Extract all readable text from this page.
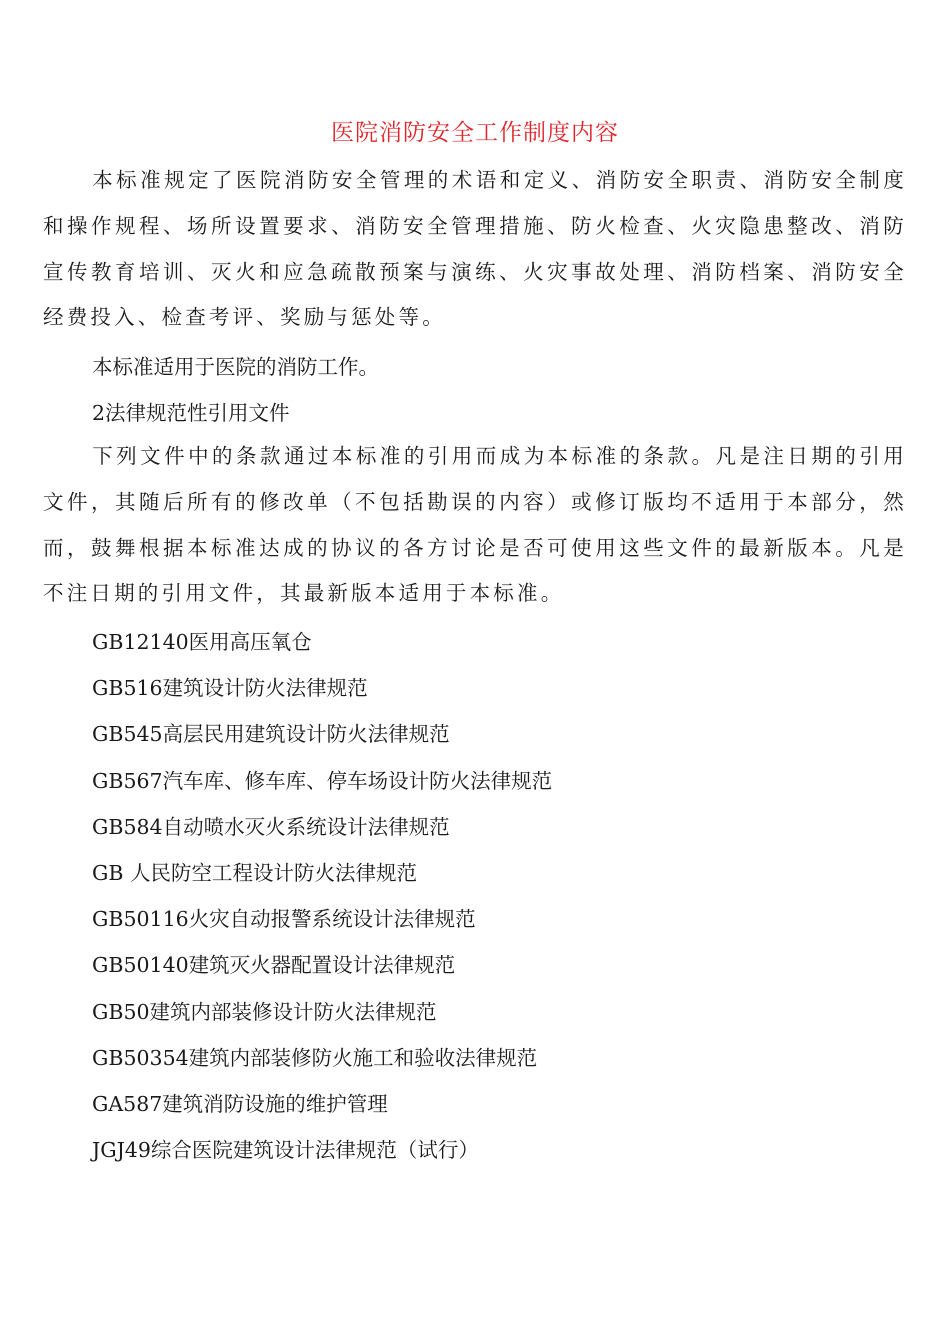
医院消防安全工作制度内容

本标准规定了医院消防安全管理的术语和定义、消防安全职责、消防安全制度和操作规程、场所设置要求、消防安全管理措施、防火检查、火灾隐患整改、消防宣传教育培训、灭火和应急疏散预案与演练、火灾事故处理、消防档案、消防安全经费投入、检查考评、奖励与惩处等。

本标准适用于医院的消防工作。
2法律规范性引用文件

下列文件中的条款通过本标准的引用而成为本标准的条款。凡是注日期的引用文件，其随后所有的修改单（不包括勘误的内容）或修订版均不适用于本部分，然而，鼓舞根据本标准达成的协议的各方讨论是否可使用这些文件的最新版本。凡是不注日期的引用文件，其最新版本适用于本标准。

GB12140医用高压氧仓
GB516建筑设计防火法律规范
GB545高层民用建筑设计防火法律规范
GB567汽车库、修车库、停车场设计防火法律规范
GB584自动喷水灭火系统设计法律规范
GB 人民防空工程设计防火法律规范
GB50116火灾自动报警系统设计法律规范
GB50140建筑灭火器配置设计法律规范
GB50建筑内部装修设计防火法律规范
GB50354建筑内部装修防火施工和验收法律规范
GA587建筑消防设施的维护管理
JGJ49综合医院建筑设计法律规范（试行）
